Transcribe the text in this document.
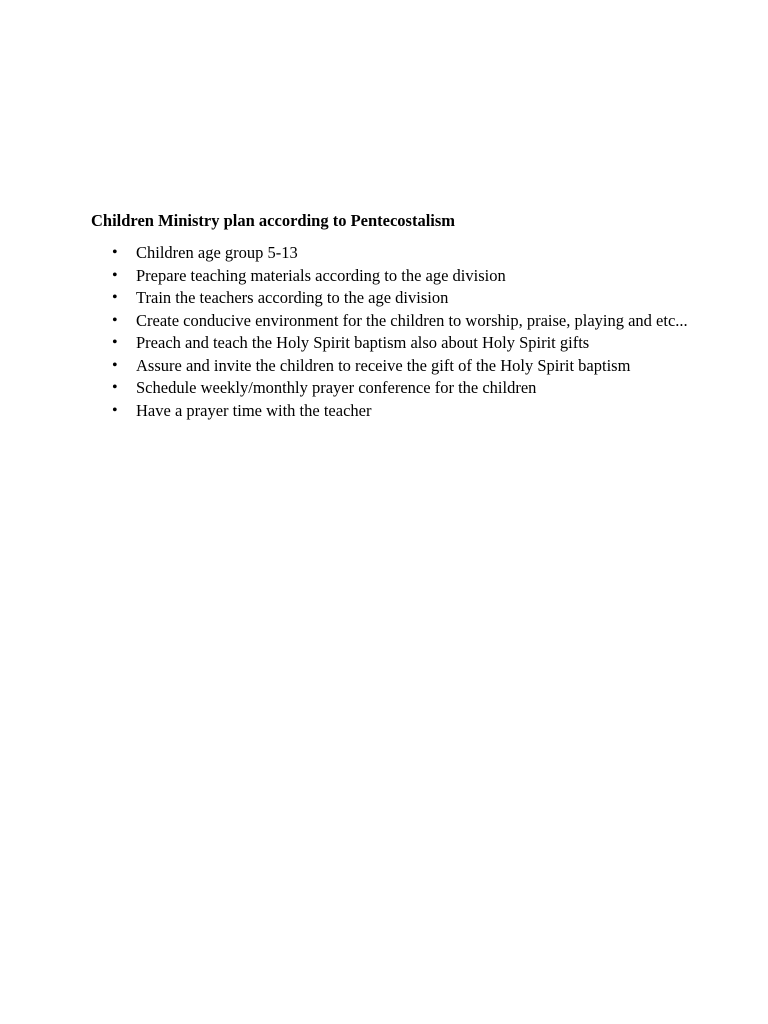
Children Ministry plan according to Pentecostalism
• Children age group 5-13
• Prepare teaching materials according to the age division
• Train the teachers according to the age division
• Create conducive environment for the children to worship, praise, playing and etc...
• Preach and teach the Holy Spirit baptism also about Holy Spirit gifts
• Assure and invite the children to receive the gift of the Holy Spirit baptism
• Schedule weekly/monthly prayer conference for the children
• Have a prayer time with the teacher
